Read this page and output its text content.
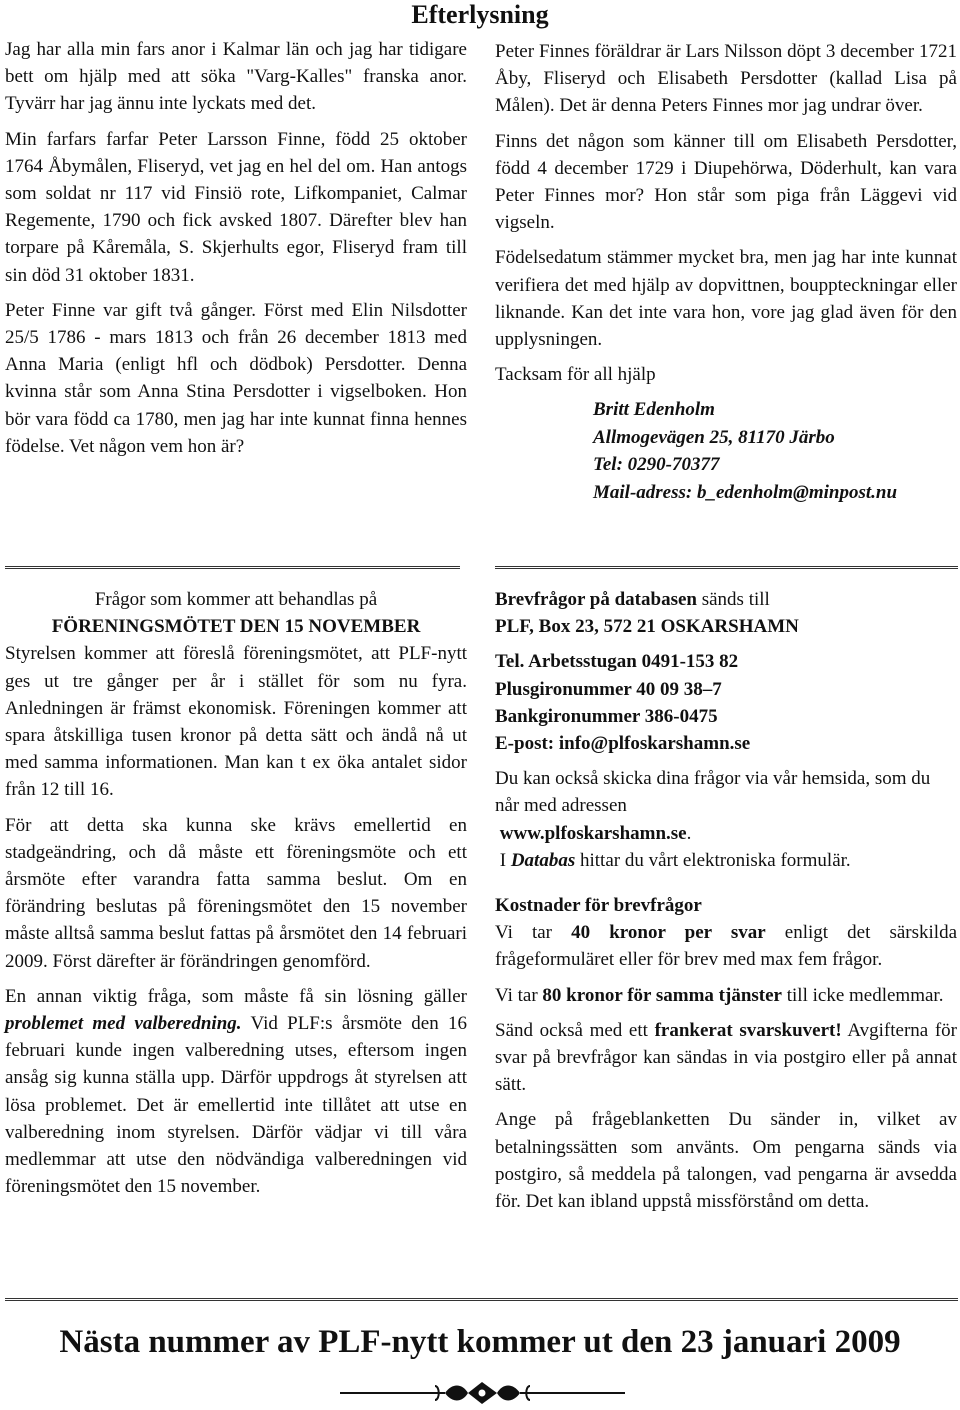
Efterlysning

Jag har alla min fars anor i Kalmar län och jag har tidigare bett om hjälp med att söka "Varg-Kalles" franska anor. Tyvärr har jag ännu inte lyckats med det.

Min farfars farfar Peter Larsson Finne, född 25 oktober 1764 Åbymålen, Fliseryd, vet jag en hel del om. Han antogs som soldat nr 117 vid Finsiö rote, Lifkompaniet, Calmar Regemente, 1790 och fick avsked 1807. Därefter blev han torpare på Kåremåla, S. Skjerhults egor, Fliseryd fram till sin död 31 oktober 1831.

Peter Finne var gift två gånger. Först med Elin Nilsdotter 25/5 1786 - mars 1813 och från 26 december 1813 med Anna Maria (enligt hfl och dödbok) Persdotter. Denna kvinna står som Anna Stina Persdotter i vigselboken. Hon bör vara född ca 1780, men jag har inte kunnat finna hennes födelse. Vet någon vem hon är?

Peter Finnes föräldrar är Lars Nilsson döpt 3 december 1721 Åby, Fliseryd och Elisabeth Persdotter (kallad Lisa på Målen). Det är denna Peters Finnes mor jag undrar över.

Finns det någon som känner till om Elisabeth Persdotter, född 4 december 1729 i Diupehörwa, Döderhult, kan vara Peter Finnes mor? Hon står som piga från Läggevi vid vigseln.

Födelsedatum stämmer mycket bra, men jag har inte kunnat verifiera det med hjälp av dopvittnen, bouppteckningar eller liknande. Kan det inte vara hon, vore jag glad även för den upplysningen.

Tacksam för all hjälp

Britt Edenholm
Allmogevägen 25, 81170 Järbo
Tel: 0290-70377
Mail-adress: b_edenholm@minpost.nu
Frågor som kommer att behandlas på
FÖRENINGSMÖTET DEN 15 NOVEMBER

Styrelsen kommer att föreslå föreningsmötet, att PLF-nytt ges ut tre gånger per år i stället för som nu fyra. Anledningen är främst ekonomisk. Föreningen kommer att spara åtskilliga tusen kronor på detta sätt och ändå nå ut med samma informationen. Man kan t ex öka antalet sidor från 12 till 16.

För att detta ska kunna ske krävs emellertid en stadgeändring, och då måste ett föreningsmöte och ett årsmöte efter varandra fatta samma beslut. Om en förändring beslutas på föreningsmötet den 15 november måste alltså samma beslut fattas på årsmötet den 14 februari 2009. Först därefter är förändringen genomförd.

En annan viktig fråga, som måste få sin lösning gäller problemet med valberedning. Vid PLF:s årsmöte den 16 februari kunde ingen valberedning utses, eftersom ingen ansåg sig kunna ställa upp. Därför uppdrogs åt styrelsen att lösa problemet. Det är emellertid inte tillåtet att utse en valberedning inom styrelsen. Därför vädjar vi till våra medlemmar att utse den nödvändiga valberedningen vid föreningsmötet den 15 november.

Brevfrågor på databasen sänds till
PLF, Box 23, 572 21 OSKARSHAMN

Tel. Arbetsstugan 0491-153 82
Plusgironummer 40 09 38–7
Bankgironummer 386-0475
E-post: info@plfoskarshamn.se

Du kan också skicka dina frågor via vår hemsida, som du når med adressen
www.plfoskarshamn.se.
I Databas hittar du vårt elektroniska formulär.

Kostnader för brevfrågor
Vi tar 40 kronor per svar enligt det särskilda frågeformuläret eller för brev med max fem frågor.

Vi tar 80 kronor för samma tjänster till icke medlemmar.

Sänd också med ett frankerat svarskuvert! Avgifterna för svar på brevfrågor kan sändas in via postgiro eller på annat sätt.

Ange på frågeblanketten Du sänder in, vilket av betalningssätten som använts. Om pengarna sänds via postgiro, så meddela på talongen, vad pengarna är avsedda för. Det kan ibland uppstå missförstånd om detta.

Nästa nummer av PLF-nytt kommer ut den 23 januari 2009
